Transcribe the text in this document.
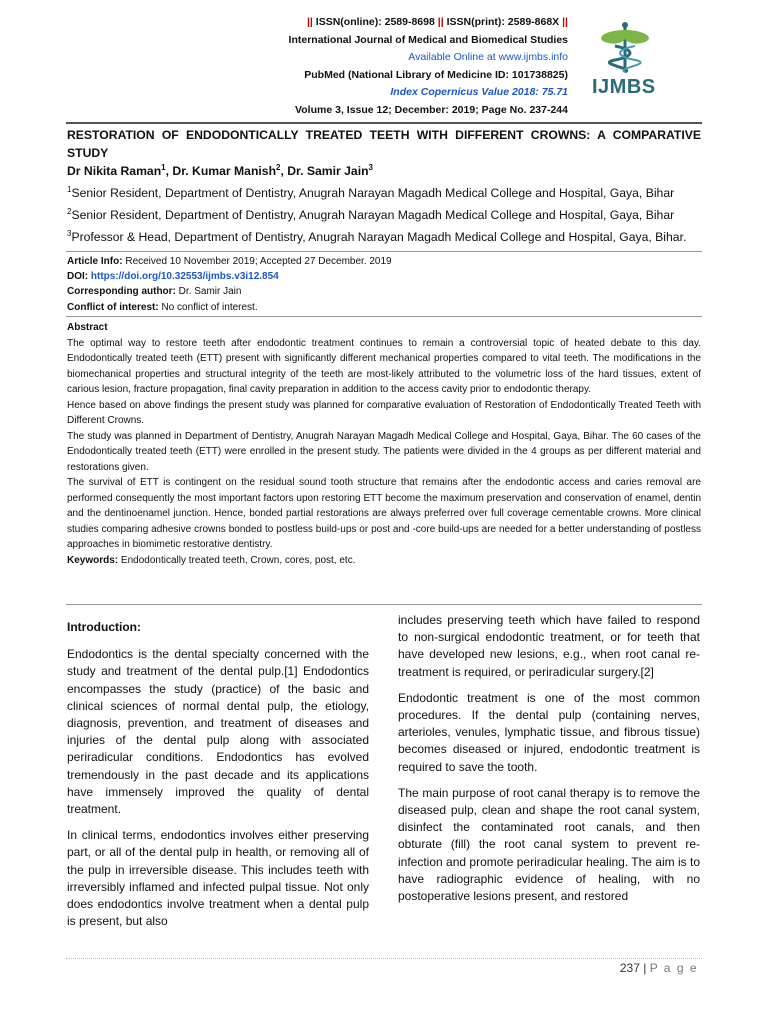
|| ISSN(online): 2589-8698 || ISSN(print): 2589-868X ||
International Journal of Medical and Biomedical Studies
Available Online at www.ijmbs.info
PubMed (National Library of Medicine ID: 101738825)
Index Copernicus Value 2018: 75.71
Volume 3, Issue 12; December: 2019; Page No. 237-244
IJMBS
RESTORATION OF ENDODONTICALLY TREATED TEETH WITH DIFFERENT CROWNS: A COMPARATIVE STUDY
Dr Nikita Raman$^1$, Dr. Kumar Manish$^2$, Dr. Samir Jain$^3$
$^1$Senior Resident, Department of Dentistry, Anugrah Narayan Magadh Medical College and Hospital, Gaya, Bihar
$^2$Senior Resident, Department of Dentistry, Anugrah Narayan Magadh Medical College and Hospital, Gaya, Bihar
$^3$Professor & Head, Department of Dentistry, Anugrah Narayan Magadh Medical College and Hospital, Gaya, Bihar.
Article Info: Received 10 November 2019; Accepted 27 December. 2019
DOI: https://doi.org/10.32553/ijmbs.v3i12.854
Corresponding author: Dr. Samir Jain
Conflict of interest: No conflict of interest.

Abstract

The optimal way to restore teeth after endodontic treatment continues to remain a controversial topic of heated debate to this day. Endodontically treated teeth (ETT) present with significantly different mechanical properties compared to vital teeth. The modifications in the biomechanical properties and structural integrity of the teeth are most-likely attributed to the volumetric loss of the hard tissues, extent of carious lesion, fracture propagation, final cavity preparation in addition to the access cavity prior to endodontic therapy.

Hence based on above findings the present study was planned for comparative evaluation of Restoration of Endodontically Treated Teeth with Different Crowns.

The study was planned in Department of Dentistry, Anugrah Narayan Magadh Medical College and Hospital, Gaya, Bihar. The 60 cases of the Endodontically treated teeth (ETT) were enrolled in the present study. The patients were divided in the 4 groups as per different material and restorations given.

The survival of ETT is contingent on the residual sound tooth structure that remains after the endodontic access and caries removal are performed consequently the most important factors upon restoring ETT become the maximum preservation and conservation of enamel, dentin and the dentinoenamel junction. Hence, bonded partial restorations are always preferred over full coverage cementable crowns. More clinical studies comparing adhesive crowns bonded to postless build-ups or post and -core build-ups are needed for a better understanding of postless approaches in biomimetic restorative dentistry.

Keywords: Endodontically treated teeth, Crown, cores, post, etc.

Introduction:

Endodontics is the dental specialty concerned with the study and treatment of the dental pulp.[1] Endodontics encompasses the study (practice) of the basic and clinical sciences of normal dental pulp, the etiology, diagnosis, prevention, and treatment of diseases and injuries of the dental pulp along with associated periradicular conditions. Endodontics has evolved tremendously in the past decade and its applications have immensely improved the quality of dental treatment.

In clinical terms, endodontics involves either preserving part, or all of the dental pulp in health, or removing all of the pulp in irreversible disease. This includes teeth with irreversibly inflamed and infected pulpal tissue. Not only does endodontics involve treatment when a dental pulp is present, but also

includes preserving teeth which have failed to respond to non-surgical endodontic treatment, or for teeth that have developed new lesions, e.g., when root canal re-treatment is required, or periradicular surgery.[2]

Endodontic treatment is one of the most common procedures. If the dental pulp (containing nerves, arterioles, venules, lymphatic tissue, and fibrous tissue) becomes diseased or injured, endodontic treatment is required to save the tooth.

The main purpose of root canal therapy is to remove the diseased pulp, clean and shape the root canal system, disinfect the contaminated root canals, and then obturate (fill) the root canal system to prevent re-infection and promote periradicular healing. The aim is to have radiographic evidence of healing, with no postoperative lesions present, and restored

237 | P a g e
